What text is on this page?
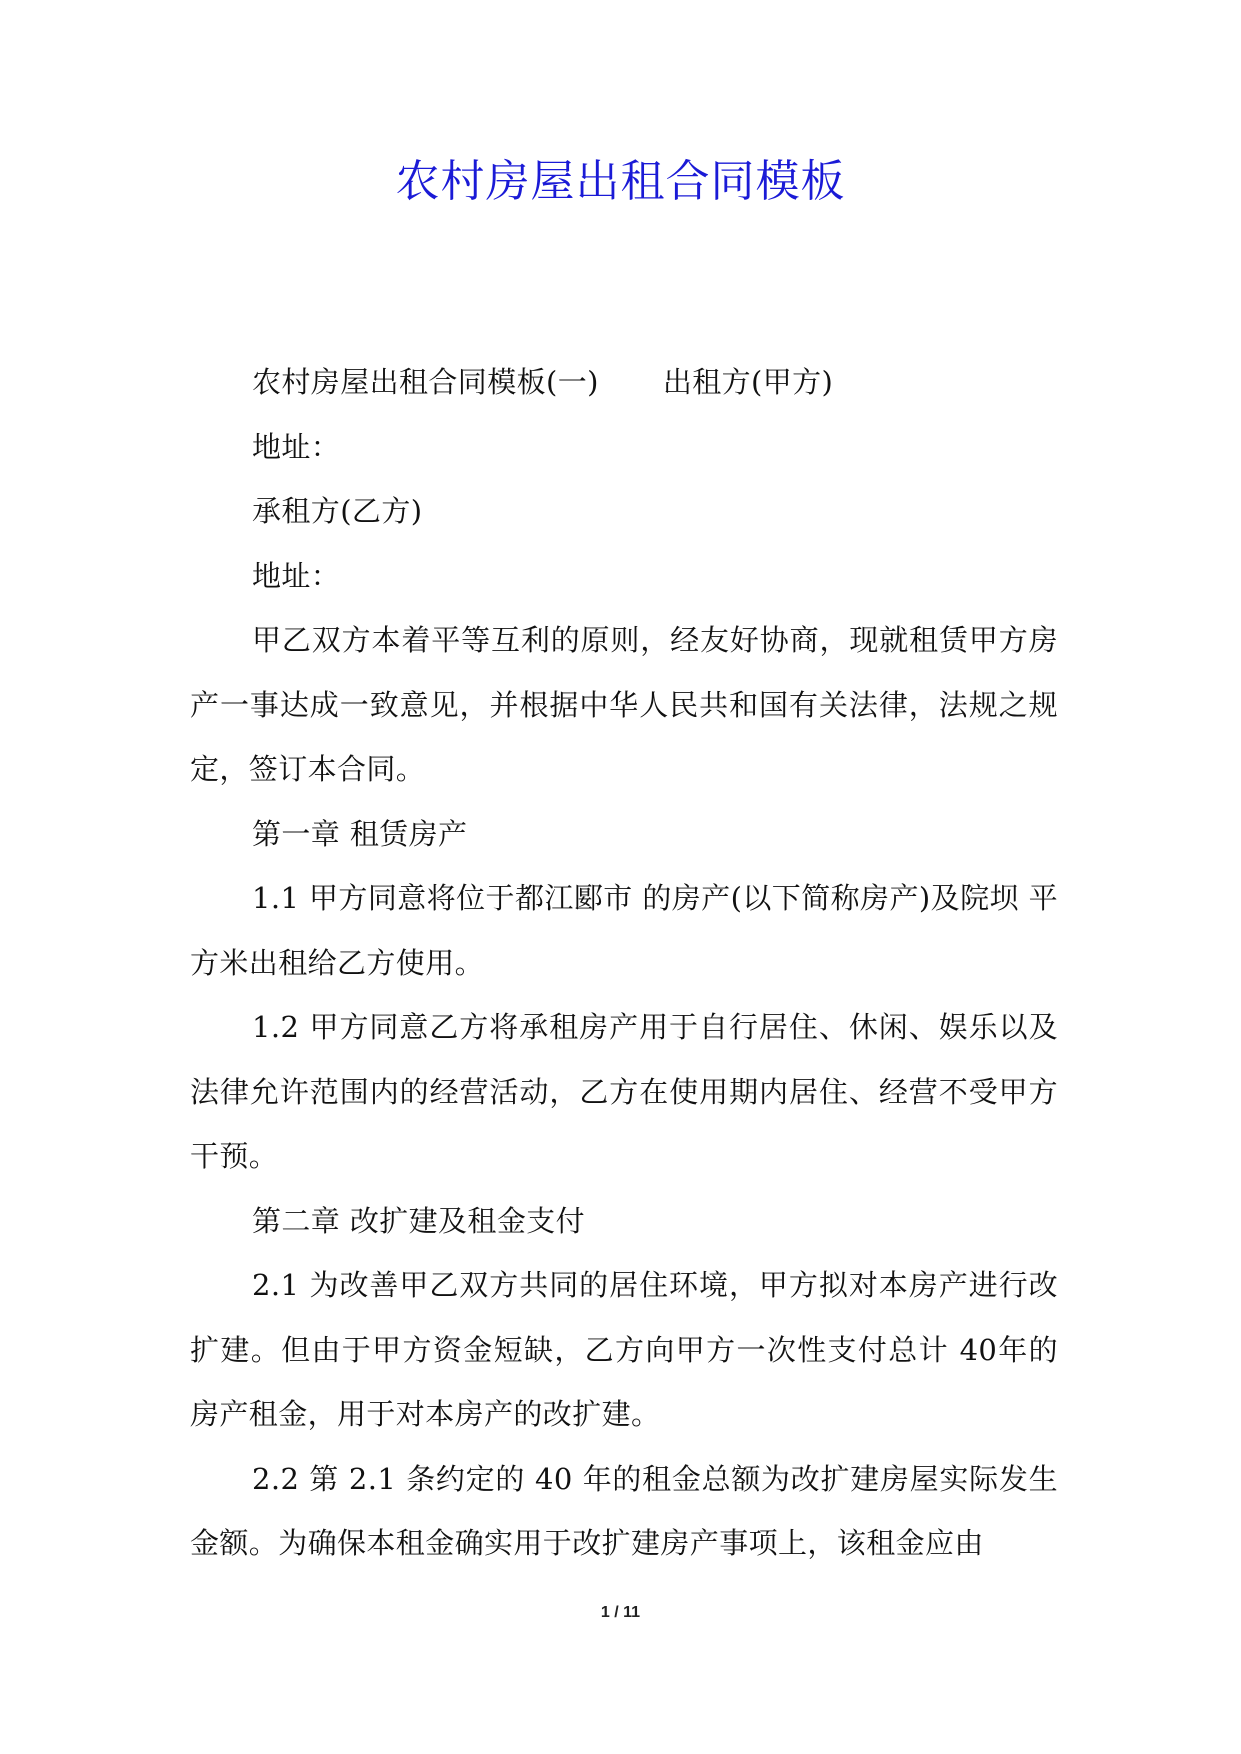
农村房屋出租合同模板

农村房屋出租合同模板(一) 出租方(甲方)

地址：

承租方(乙方)

地址：

甲乙双方本着平等互利的原则，经友好协商，现就租赁甲方房产一事达成一致意见，并根据中华人民共和国有关法律，法规之规定，签订本合同。

第一章 租赁房产

1.1 甲方同意将位于都江郾市 的房产(以下简称房产)及院坝 平方米出租给乙方使用。

1.2 甲方同意乙方将承租房产用于自行居住、休闲、娱乐以及法律允许范围内的经营活动，乙方在使用期内居住、经营不受甲方干预。

第二章 改扩建及租金支付

2.1 为改善甲乙双方共同的居住环境，甲方拟对本房产进行改扩建。但由于甲方资金短缺，乙方向甲方一次性支付总计 40年的房产租金，用于对本房产的改扩建。

2.2 第 2.1 条约定的 40 年的租金总额为改扩建房屋实际发生金额。为确保本租金确实用于改扩建房产事项上，该租金应由

1 / 11
